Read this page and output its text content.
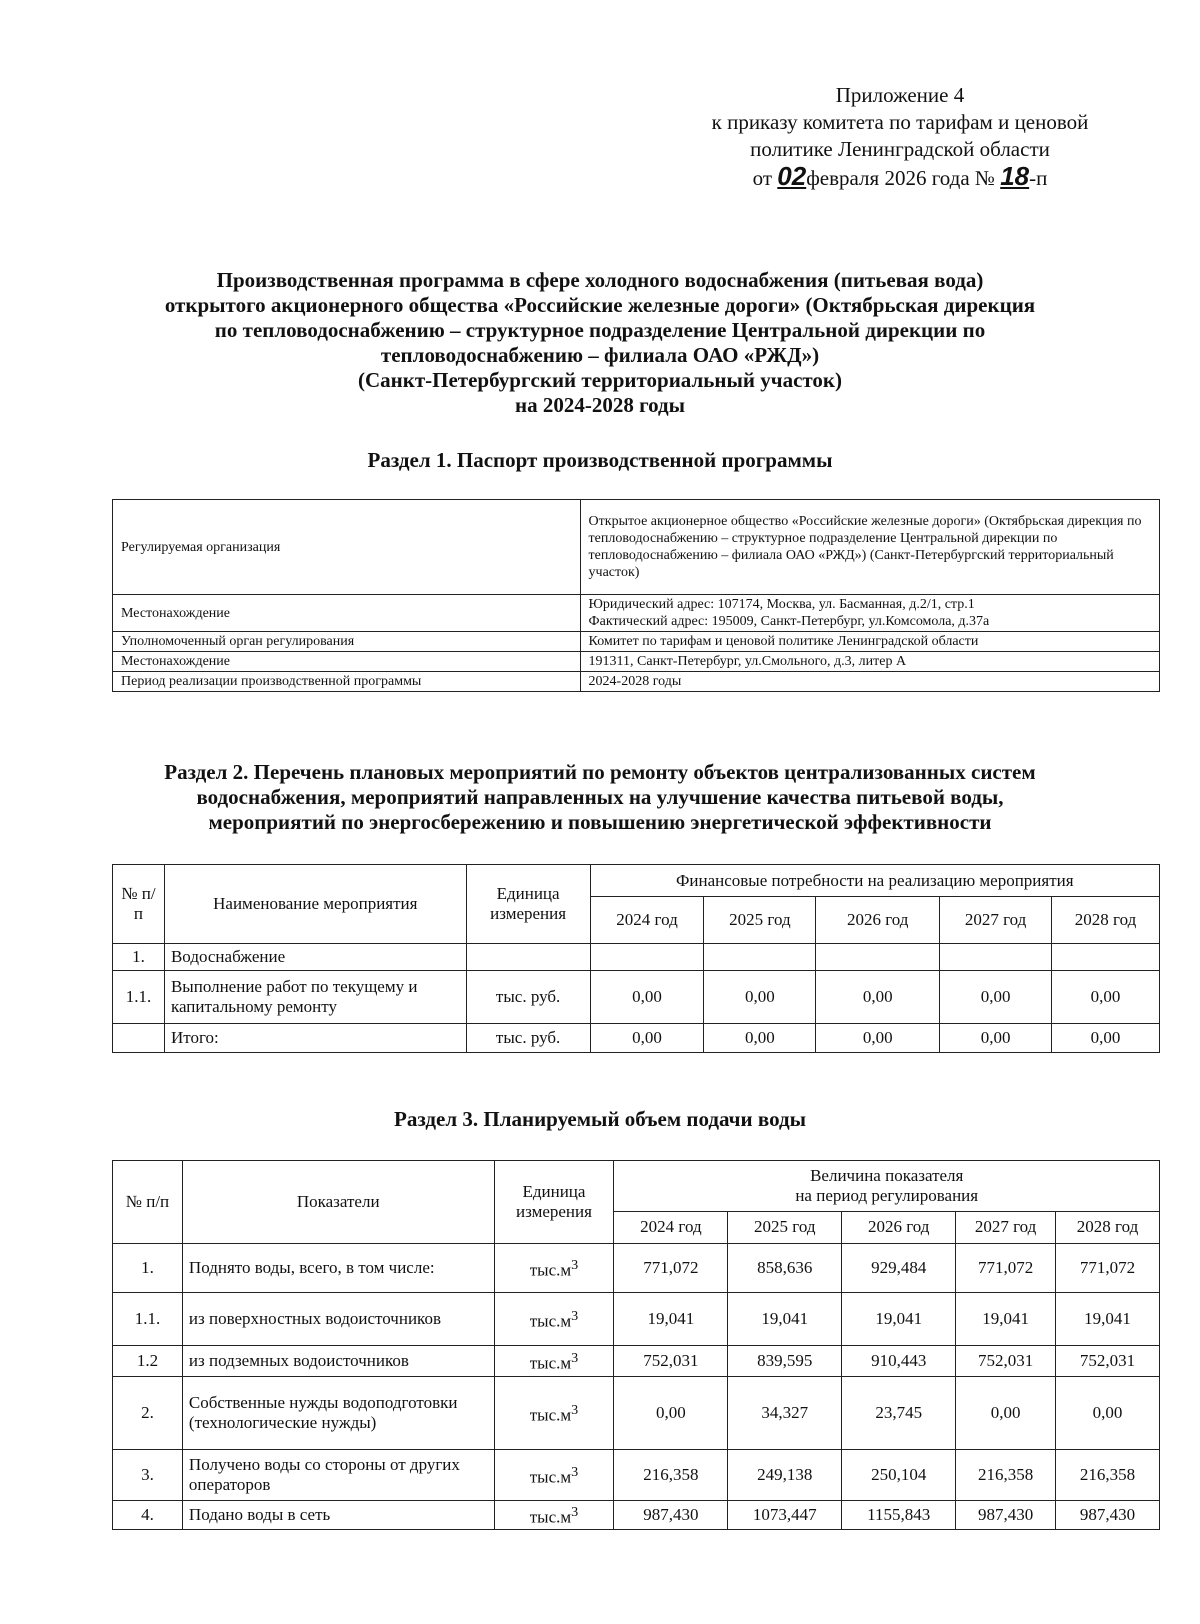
Приложение 4
к приказу комитета по тарифам и ценовой
политике Ленинградской области
от 02февраля 2026 года № 18-п
Производственная программа в сфере холодного водоснабжения (питьевая вода)
открытого акционерного общества «Российские железные дороги» (Октябрьская дирекция
по тепловодоснабжению – структурное подразделение Центральной дирекции по
тепловодоснабжению – филиала ОАО «РЖД»)
(Санкт-Петербургский территориальный участок)
на 2024-2028 годы
Раздел 1. Паспорт производственной программы
Регулируемая организация	Открытое акционерное общество «Российские железные дороги» (Октябрьская дирекция по тепловодоснабжению – структурное подразделение Центральной дирекции по тепловодоснабжению – филиала ОАО «РЖД») (Санкт-Петербургский территориальный участок)
Местонахождение	Юридический адрес: 107174, Москва, ул. Басманная, д.2/1, стр.1
Фактический адрес: 195009, Санкт-Петербург, ул.Комсомола, д.37а

Уполномоченный орган регулирования	Комитет по тарифам и ценовой политике Ленинградской области
Местонахождение	191311, Санкт-Петербург, ул.Смольного, д.3, литер А
Период реализации производственной программы	2024-2028 годы
Раздел 2. Перечень плановых мероприятий по ремонту объектов централизованных систем
водоснабжения, мероприятий направленных на улучшение качества питьевой воды,
мероприятий по энергосбережению и повышению энергетической эффективности
№ п/п	Наименование мероприятия	Единица измерения	Финансовые потребности на реализацию мероприятия				
			2024 год	2025 год	2026 год	2027 год	2028 год
1.	Водоснабжение						
1.1.	Выполнение работ по текущему и капитальному ремонту	тыс. руб.	0,00	0,00	0,00	0,00	0,00
	Итого:	тыс. руб.	0,00	0,00	0,00	0,00	0,00
Раздел 3. Планируемый объем подачи воды
№ п/п	Показатели	Единица измерения	Величина показателя
на период регулирования				

			2024 год	2025 год	2026 год	2027 год	2028 год
1.	Поднято воды, всего, в том числе:	$тыс.м^3$	771,072	858,636	929,484	771,072	771,072
1.1.	из поверхностных водоисточников	$тыс.м^3$	19,041	19,041	19,041	19,041	19,041
1.2	из подземных водоисточников	$тыс.м^3$	752,031	839,595	910,443	752,031	752,031
2.	Собственные нужды водоподготовки (технологические нужды)	$тыс.м^3$	0,00	34,327	23,745	0,00	0,00
3.	Получено воды со стороны от других операторов	$тыс.м^3$	216,358	249,138	250,104	216,358	216,358
4.	Подано воды в сеть	$тыс.м^3$	987,430	1073,447	1155,843	987,430	987,430
